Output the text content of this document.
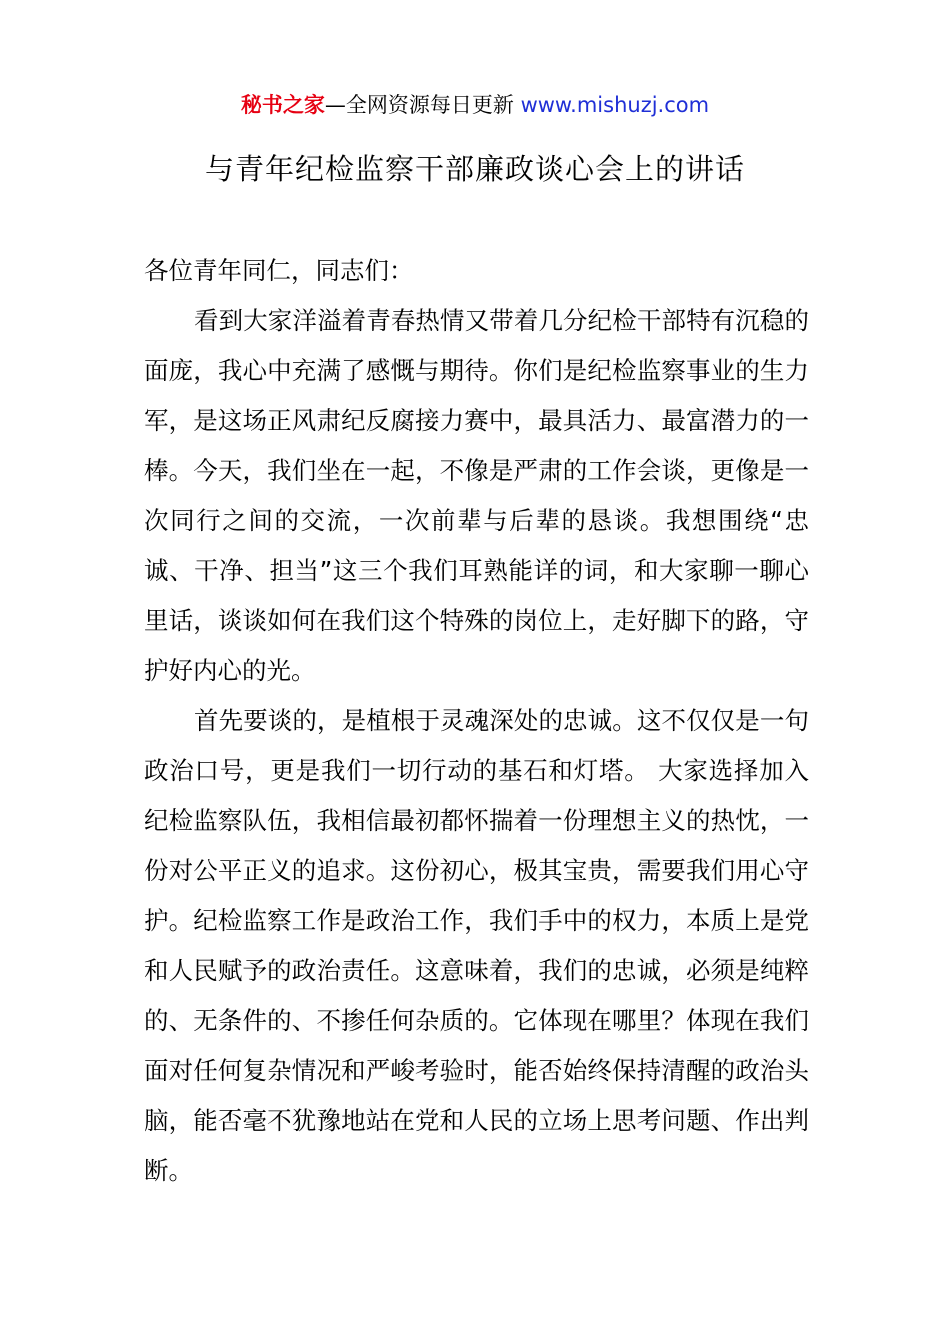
秘书之家—全网资源每日更新 www.mishuzj.com
与青年纪检监察干部廉政谈心会上的讲话

各位青年同仁，同志们：

看到大家洋溢着青春热情又带着几分纪检干部特有沉稳的面庞，我心中充满了感慨与期待。你们是纪检监察事业的生力军，是这场正风肃纪反腐接力赛中，最具活力、最富潜力的一棒。今天，我们坐在一起，不像是严肃的工作会谈，更像是一次同行之间的交流，一次前辈与后辈的恳谈。我想围绕“忠诚、干净、担当”这三个我们耳熟能详的词，和大家聊一聊心里话，谈谈如何在我们这个特殊的岗位上，走好脚下的路，守护好内心的光。

首先要谈的，是植根于灵魂深处的忠诚。这不仅仅是一句政治口号，更是我们一切行动的基石和灯塔。 大家选择加入纪检监察队伍，我相信最初都怀揣着一份理想主义的热忱，一份对公平正义的追求。这份初心，极其宝贵，需要我们用心守护。纪检监察工作是政治工作，我们手中的权力，本质上是党和人民赋予的政治责任。这意味着，我们的忠诚，必须是纯粹的、无条件的、不掺任何杂质的。它体现在哪里？体现在我们面对任何复杂情况和严峻考验时，能否始终保持清醒的政治头脑，能否毫不犹豫地站在党和人民的立场上思考问题、作出判断。
